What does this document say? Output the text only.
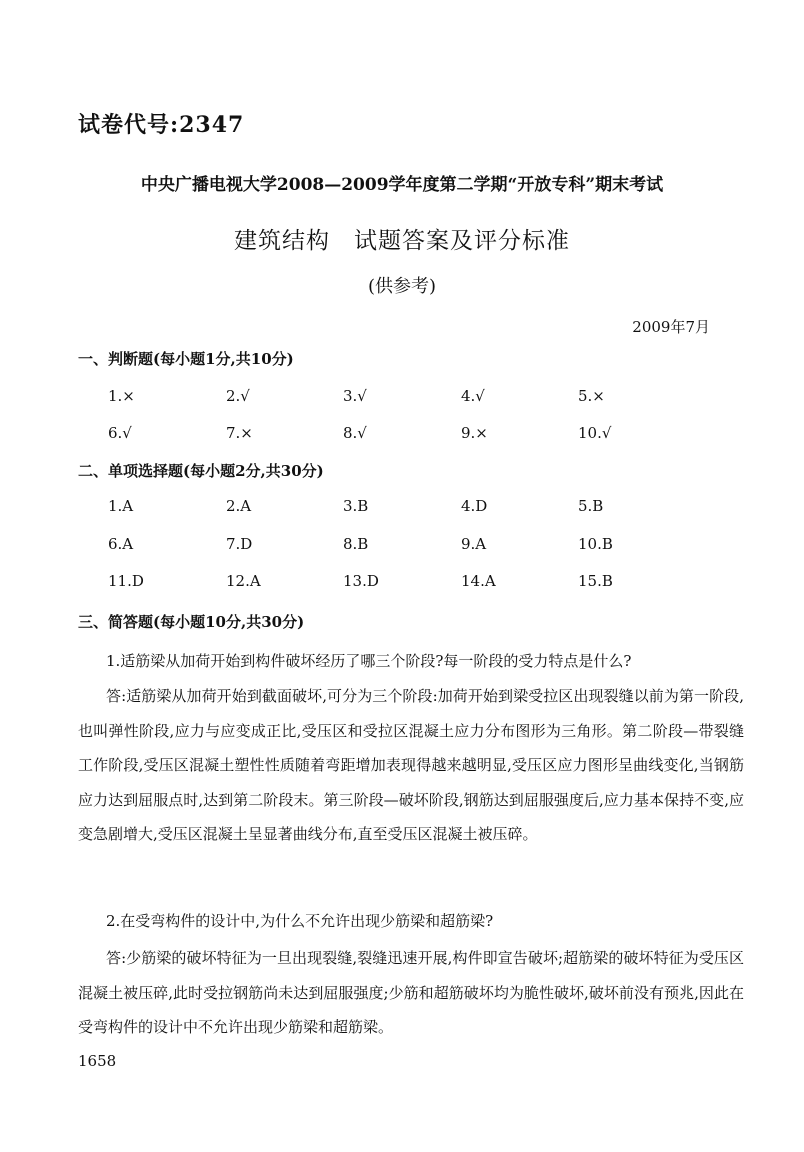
试卷代号:2347
中央广播电视大学2008—2009学年度第二学期“开放专科”期末考试
建筑结构　试题答案及评分标准
(供参考)
2009年7月
一、判断题(每小题1分,共10分)
1.×	2.√	3.√	4.√	5.×
6.√	7.×	8.√	9.×	10.√
二、单项选择题(每小题2分,共30分)
1.A	2.A	3.B	4.D	5.B
6.A	7.D	8.B	9.A	10.B
11.D	12.A	13.D	14.A	15.B
三、简答题(每小题10分,共30分)
1.适筋梁从加荷开始到构件破坏经历了哪三个阶段?每一阶段的受力特点是什么?
答:适筋梁从加荷开始到截面破坏,可分为三个阶段:加荷开始到梁受拉区出现裂缝以前为第一阶段,也叫弹性阶段,应力与应变成正比,受压区和受拉区混凝土应力分布图形为三角形。第二阶段—带裂缝工作阶段,受压区混凝土塑性性质随着弯距增加表现得越来越明显,受压区应力图形呈曲线变化,当钢筋应力达到屈服点时,达到第二阶段末。第三阶段—破坏阶段,钢筋达到屈服强度后,应力基本保持不变,应变急剧增大,受压区混凝土呈显著曲线分布,直至受压区混凝土被压碎。
2.在受弯构件的设计中,为什么不允许出现少筋梁和超筋梁?
答:少筋梁的破坏特征为一旦出现裂缝,裂缝迅速开展,构件即宣告破坏;超筋梁的破坏特征为受压区混凝土被压碎,此时受拉钢筋尚未达到屈服强度;少筋和超筋破坏均为脆性破坏,破坏前没有预兆,因此在受弯构件的设计中不允许出现少筋梁和超筋梁。
1658
